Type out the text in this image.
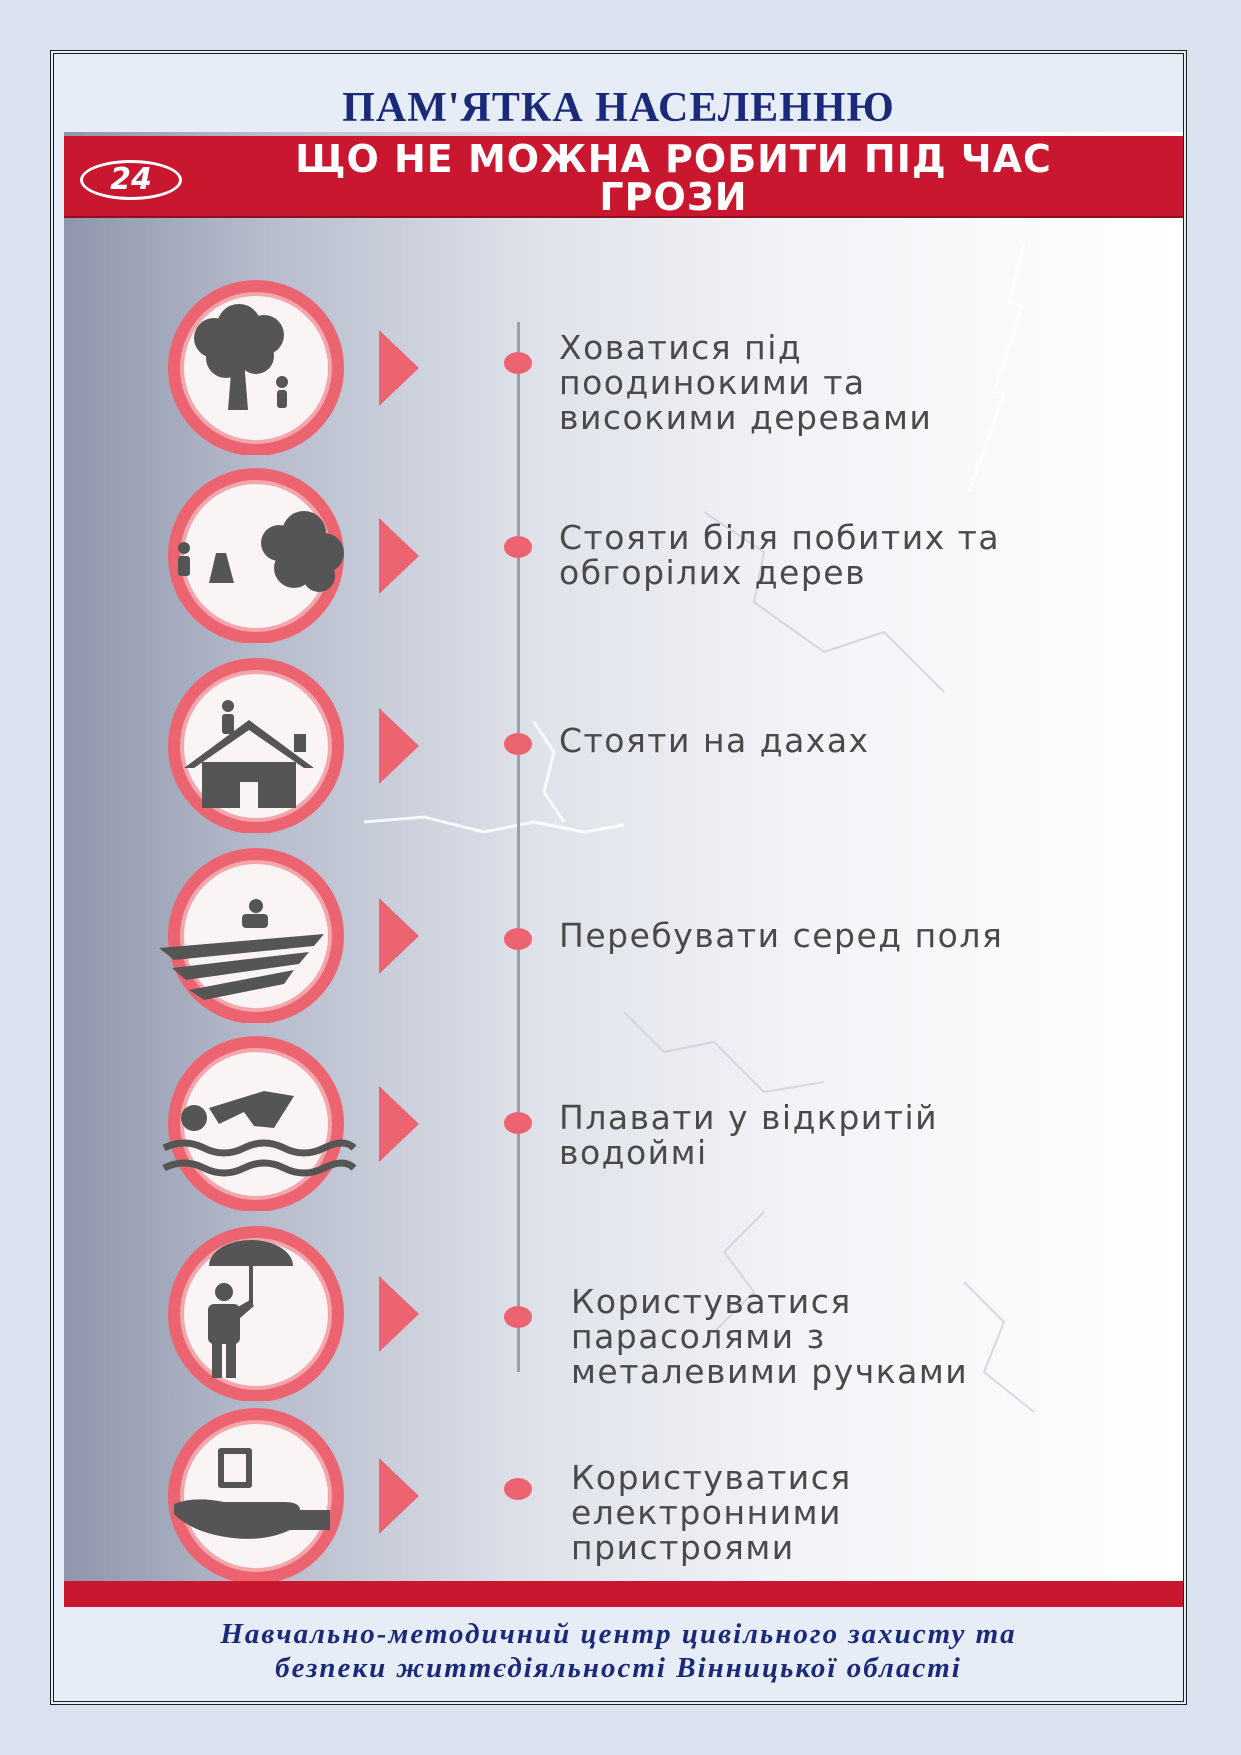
ПАМ'ЯТКА НАСЕЛЕННЮ
24	ЩО НЕ МОЖНА РОБИТИ ПІД ЧАС
ГРОЗИ
Ховатися під
поодинокими та
високими деревами
Стояти біля побитих та
обгорілих дерев
Стояти на дахах
Перебувати серед поля
Плавати у відкритій
водоймі
Користуватися
парасолями з
металевими ручками
Користуватися
електронними
пристроями
Навчально-методичний центр цивільного захисту та
безпеки життєдіяльності Вінницької області
